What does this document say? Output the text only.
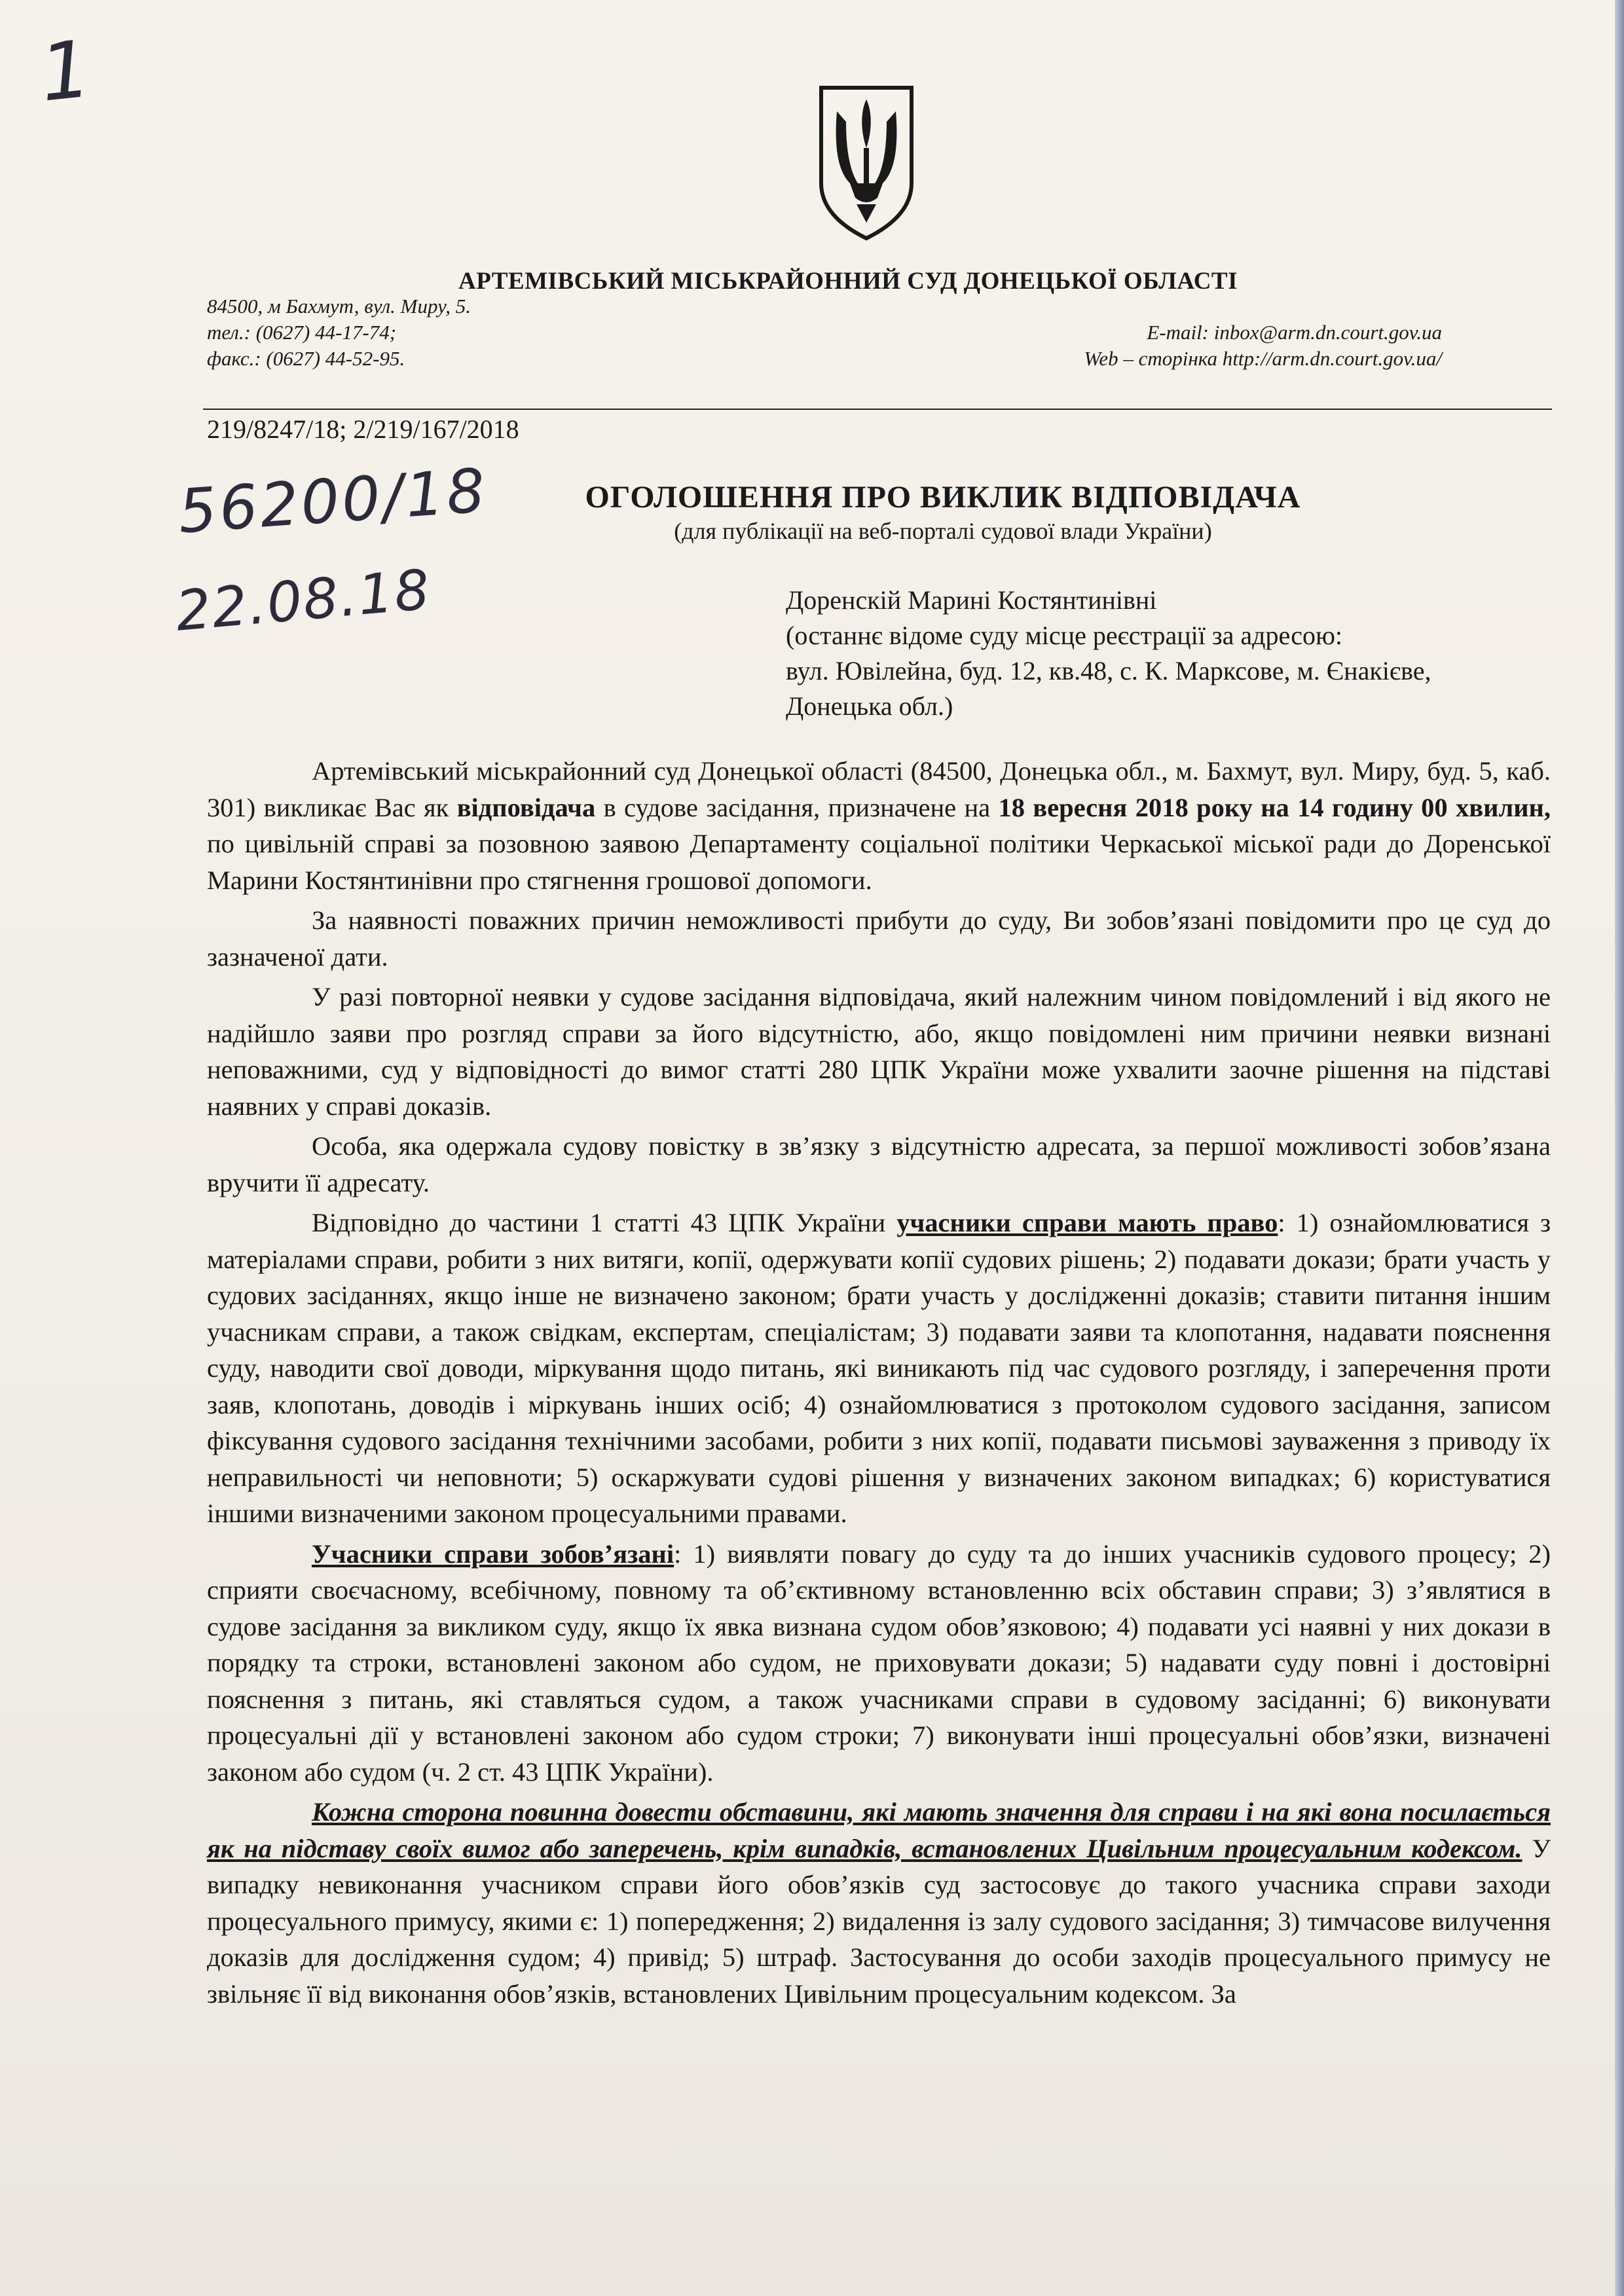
1
АРТЕМІВСЬКИЙ МІСЬКРАЙОННИЙ СУД ДОНЕЦЬКОЇ ОБЛАСТІ
84500, м Бахмут, вул. Миру, 5.
тел.: (0627) 44-17-74;
факс.: (0627) 44-52-95.
E-mail: inbox@arm.dn.court.gov.ua
Web – сторінка http://arm.dn.court.gov.ua/
219/8247/18; 2/219/167/2018
56200/18
22.08.18
ОГОЛОШЕННЯ ПРО ВИКЛИК ВІДПОВІДАЧА
(для публікації на веб-порталі судової влади України)
Доренскій Марині Костянтинівні
(останнє відоме суду місце реєстрації за адресою:
вул. Ювілейна, буд. 12, кв.48, с. К. Марксове, м. Єнакієве,
Донецька обл.)

Артемівський міськрайонний суд Донецької області (84500, Донецька обл., м. Бахмут, вул. Миру, буд. 5, каб. 301) викликає Вас як відповідача в судове засідання, призначене на 18 вересня 2018 року на 14 годину 00 хвилин, по цивільній справі за позовною заявою Департаменту соціальної політики Черкаської міської ради до Доренської Марини Костянтинівни про стягнення грошової допомоги.

За наявності поважних причин неможливості прибути до суду, Ви зобов’язані повідомити про це суд до зазначеної дати.

У разі повторної неявки у судове засідання відповідача, який належним чином повідомлений і від якого не надійшло заяви про розгляд справи за його відсутністю, або, якщо повідомлені ним причини неявки визнані неповажними, суд у відповідності до вимог статті 280 ЦПК України може ухвалити заочне рішення на підставі наявних у справі доказів.

Особа, яка одержала судову повістку в зв’язку з відсутністю адресата, за першої можливості зобов’язана вручити її адресату.

Відповідно до частини 1 статті 43 ЦПК України учасники справи мають право: 1) ознайомлюватися з матеріалами справи, робити з них витяги, копії, одержувати копії судових рішень; 2) подавати докази; брати участь у судових засіданнях, якщо інше не визначено законом; брати участь у дослідженні доказів; ставити питання іншим учасникам справи, а також свідкам, експертам, спеціалістам; 3) подавати заяви та клопотання, надавати пояснення суду, наводити свої доводи, міркування щодо питань, які виникають під час судового розгляду, і заперечення проти заяв, клопотань, доводів і міркувань інших осіб; 4) ознайомлюватися з протоколом судового засідання, записом фіксування судового засідання технічними засобами, робити з них копії, подавати письмові зауваження з приводу їх неправильності чи неповноти; 5) оскаржувати судові рішення у визначених законом випадках; 6) користуватися іншими визначеними законом процесуальними правами.

Учасники справи зобов’язані: 1) виявляти повагу до суду та до інших учасників судового процесу; 2) сприяти своєчасному, всебічному, повному та об’єктивному встановленню всіх обставин справи; 3) з’являтися в судове засідання за викликом суду, якщо їх явка визнана судом обов’язковою; 4) подавати усі наявні у них докази в порядку та строки, встановлені законом або судом, не приховувати докази; 5) надавати суду повні і достовірні пояснення з питань, які ставляться судом, а також учасниками справи в судовому засіданні; 6) виконувати процесуальні дії у встановлені законом або судом строки; 7) виконувати інші процесуальні обов’язки, визначені законом або судом (ч. 2 ст. 43 ЦПК України).

Кожна сторона повинна довести обставини, які мають значення для справи і на які вона посилається як на підставу своїх вимог або заперечень, крім випадків, встановлених Цивільним процесуальним кодексом. У випадку невиконання учасником справи його обов’язків суд застосовує до такого учасника справи заходи процесуального примусу, якими є: 1) попередження; 2) видалення із залу судового засідання; 3) тимчасове вилучення доказів для дослідження судом; 4) привід; 5) штраф. Застосування до особи заходів процесуального примусу не звільняє її від виконання обов’язків, встановлених Цивільним процесуальним кодексом. За
